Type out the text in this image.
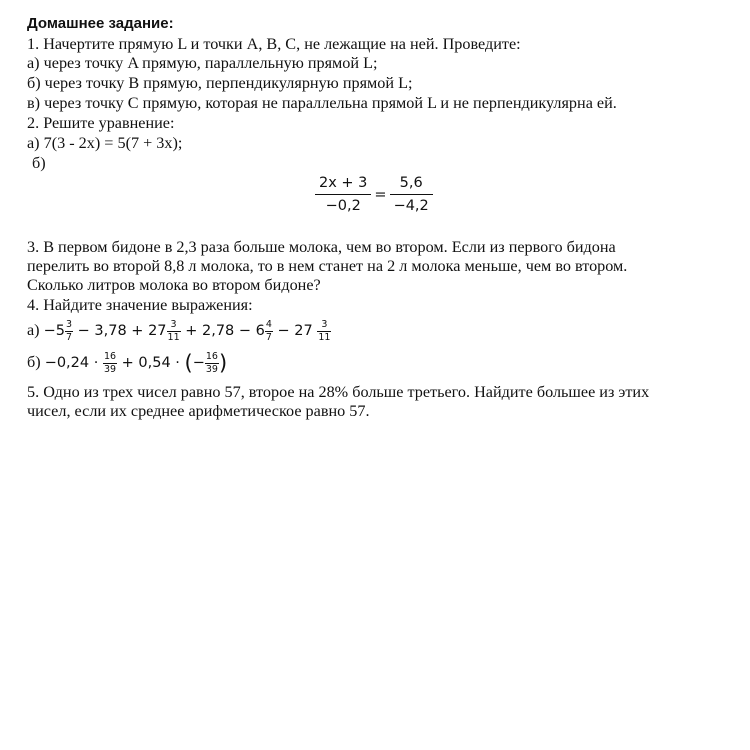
Домашнее задание:
1. Начертите прямую L и точки A, B, C, не лежащие на ней. Проведите:
а) через точку A прямую, параллельную прямой L;
б) через точку B прямую, перпендикулярную прямой L;
в) через точку С прямую, которая не параллельна прямой L и не перпендикулярна ей.
2. Решите уравнение:
а) 7(3 - 2x) = 5(7 + 3x);
б)
$\frac{2x + 3}{-0,2} = \frac{5,6}{-4,2}$
3. В первом бидоне в 2,3 раза больше молока, чем во втором. Если из первого бидона
перелить во второй 8,8 л молока, то в нем станет на 2 л молока меньше, чем во втором.
Сколько литров молока во втором бидоне?
4. Найдите значение выражения:
$а) -5 \frac{3}{7} - 3,78 + 27 \frac{3}{11} + 2,78 - 6 \frac{4}{7} - 27 \frac{3}{11}$
$б) -0,24 \cdot \frac{16}{39} + 0,54$ · (− $\frac{16}{39}$ )
5. Одно из трех чисел равно 57, второе на 28% больше третьего. Найдите большее из этих
чисел, если их среднее арифметическое равно 57.
